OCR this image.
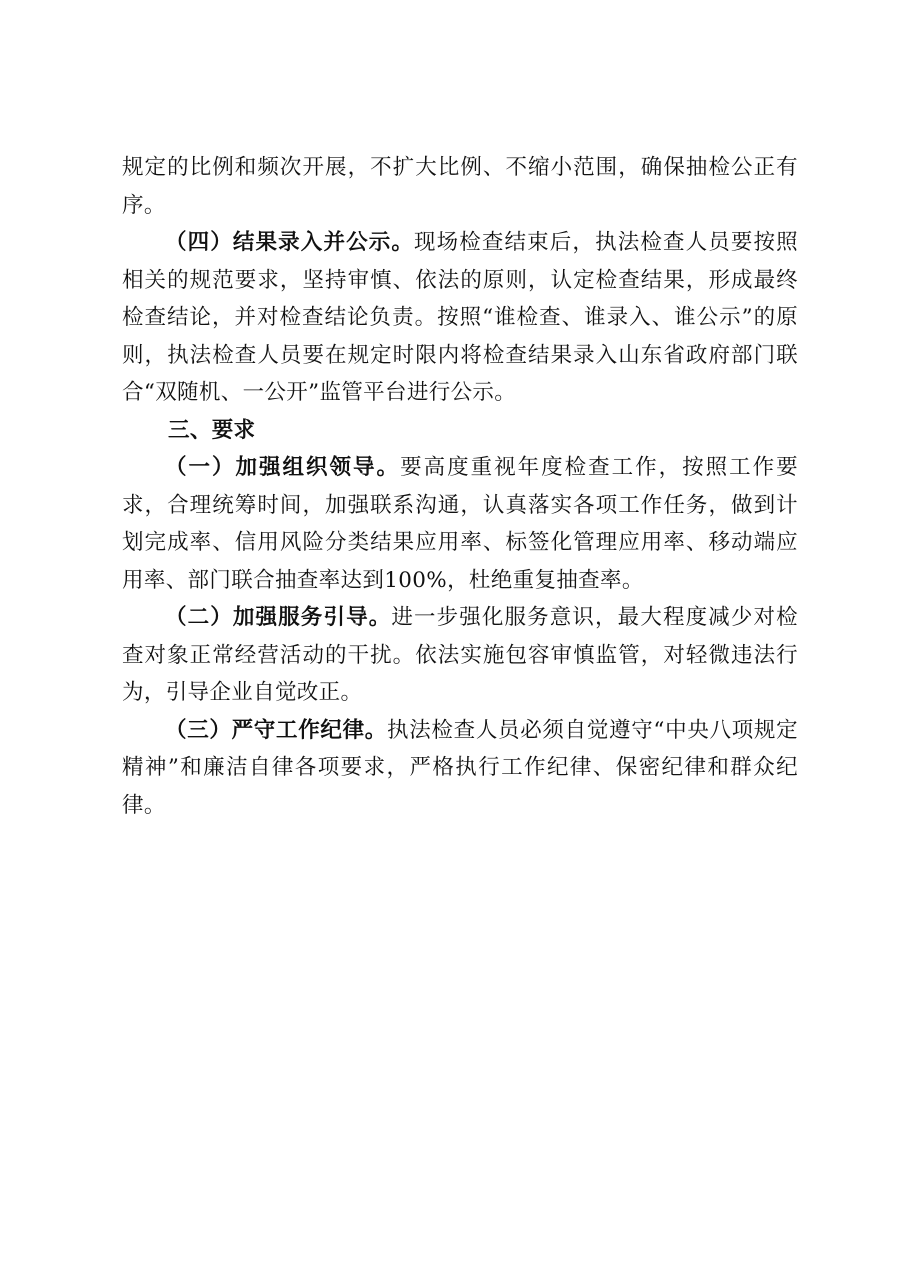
规定的比例和频次开展，不扩大比例、不缩小范围，确保抽检公正有序。

（四）结果录入并公示。现场检查结束后，执法检查人员要按照相关的规范要求，坚持审慎、依法的原则，认定检查结果，形成最终检查结论，并对检查结论负责。按照“谁检查、谁录入、谁公示”的原则，执法检查人员要在规定时限内将检查结果录入山东省政府部门联合“双随机、一公开”监管平台进行公示。

三、要求

（一）加强组织领导。要高度重视年度检查工作，按照工作要求，合理统筹时间，加强联系沟通，认真落实各项工作任务，做到计划完成率、信用风险分类结果应用率、标签化管理应用率、移动端应用率、部门联合抽查率达到100%，杜绝重复抽查率。

（二）加强服务引导。进一步强化服务意识，最大程度减少对检查对象正常经营活动的干扰。依法实施包容审慎监管，对轻微违法行为，引导企业自觉改正。

（三）严守工作纪律。执法检查人员必须自觉遵守“中央八项规定精神”和廉洁自律各项要求，严格执行工作纪律、保密纪律和群众纪律。
